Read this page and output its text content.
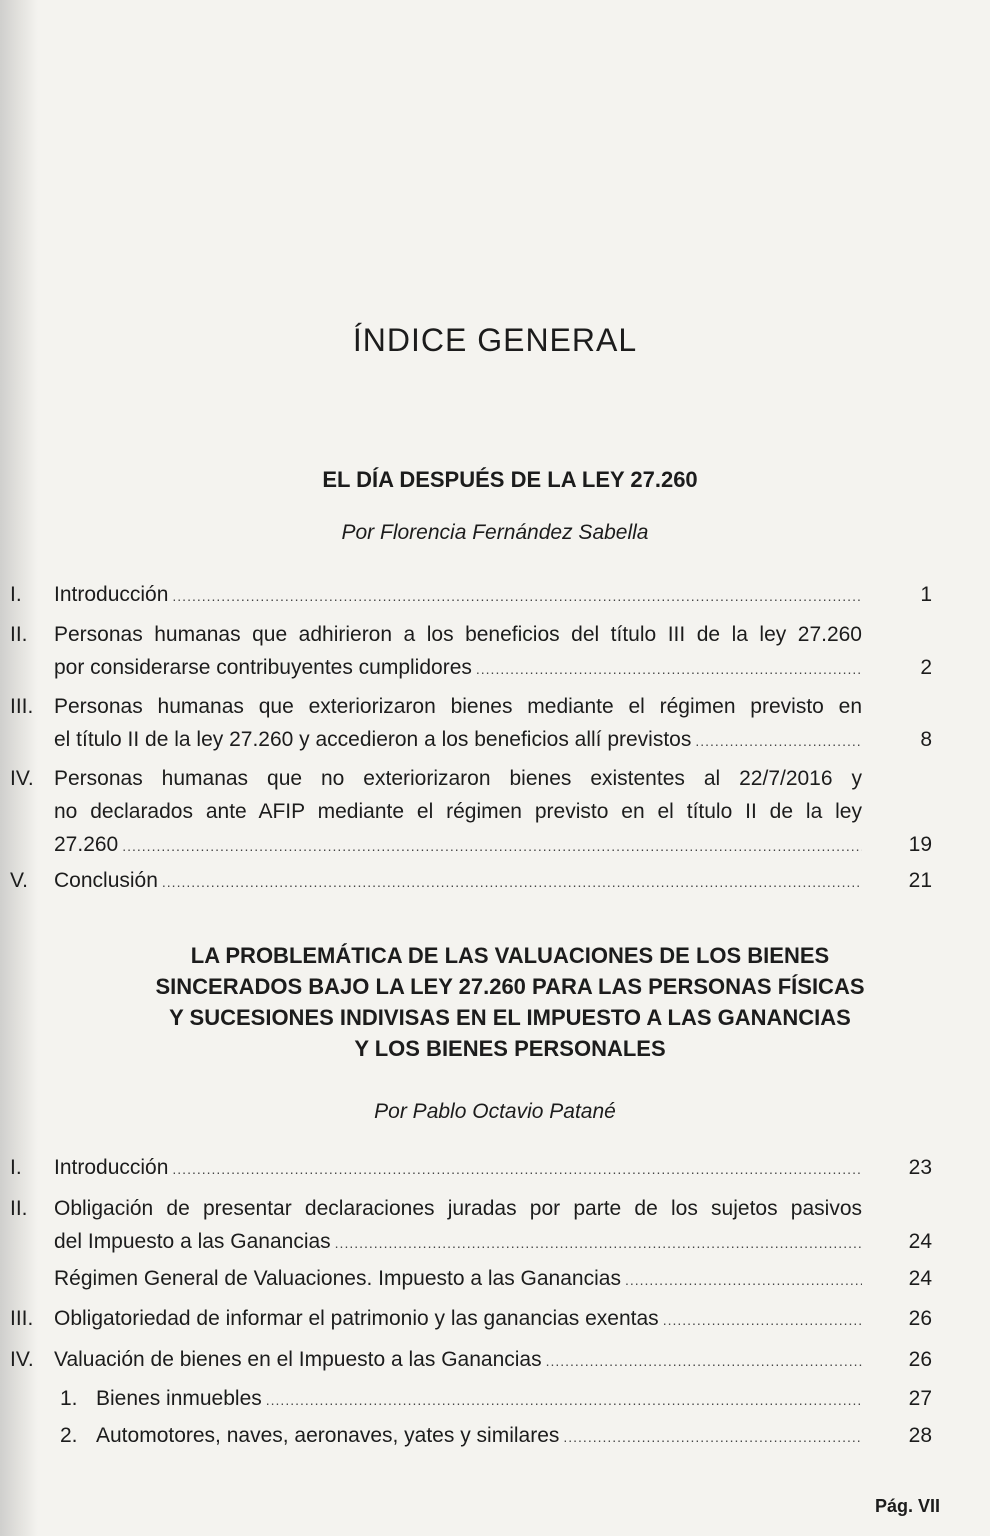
ÍNDICE GENERAL
EL DÍA DESPUÉS DE LA LEY 27.260
Por Florencia Fernández Sabella
I. Introducción .....	1
II. Personas humanas que adhirieron a los beneficios del título III de la ley 27.260
por considerarse contribuyentes cumplidores .....	2
III. Personas humanas que exteriorizaron bienes mediante el régimen previsto en
el título II de la ley 27.260 y accedieron a los beneficios allí previstos .....	8
IV. Personas humanas que no exteriorizaron bienes existentes al 22/7/2016 y
no declarados ante AFIP mediante el régimen previsto en el título II de la ley
27.260 .....	19
V. Conclusión .....	21
LA PROBLEMÁTICA DE LAS VALUACIONES DE LOS BIENES
SINCERADOS BAJO LA LEY 27.260 PARA LAS PERSONAS FÍSICAS
Y SUCESIONES INDIVISAS EN EL IMPUESTO A LAS GANANCIAS
Y LOS BIENES PERSONALES
Por Pablo Octavio Patané
I. Introducción .....	23
II. Obligación de presentar declaraciones juradas por parte de los sujetos pasivos
del Impuesto a las Ganancias .....	24
Régimen General de Valuaciones. Impuesto a las Ganancias .....	24
III. Obligatoriedad de informar el patrimonio y las ganancias exentas .....	26
IV. Valuación de bienes en el Impuesto a las Ganancias .....	26
1. Bienes inmuebles .....	27
2. Automotores, naves, aeronaves, yates y similares .....	28
Pág. VII
